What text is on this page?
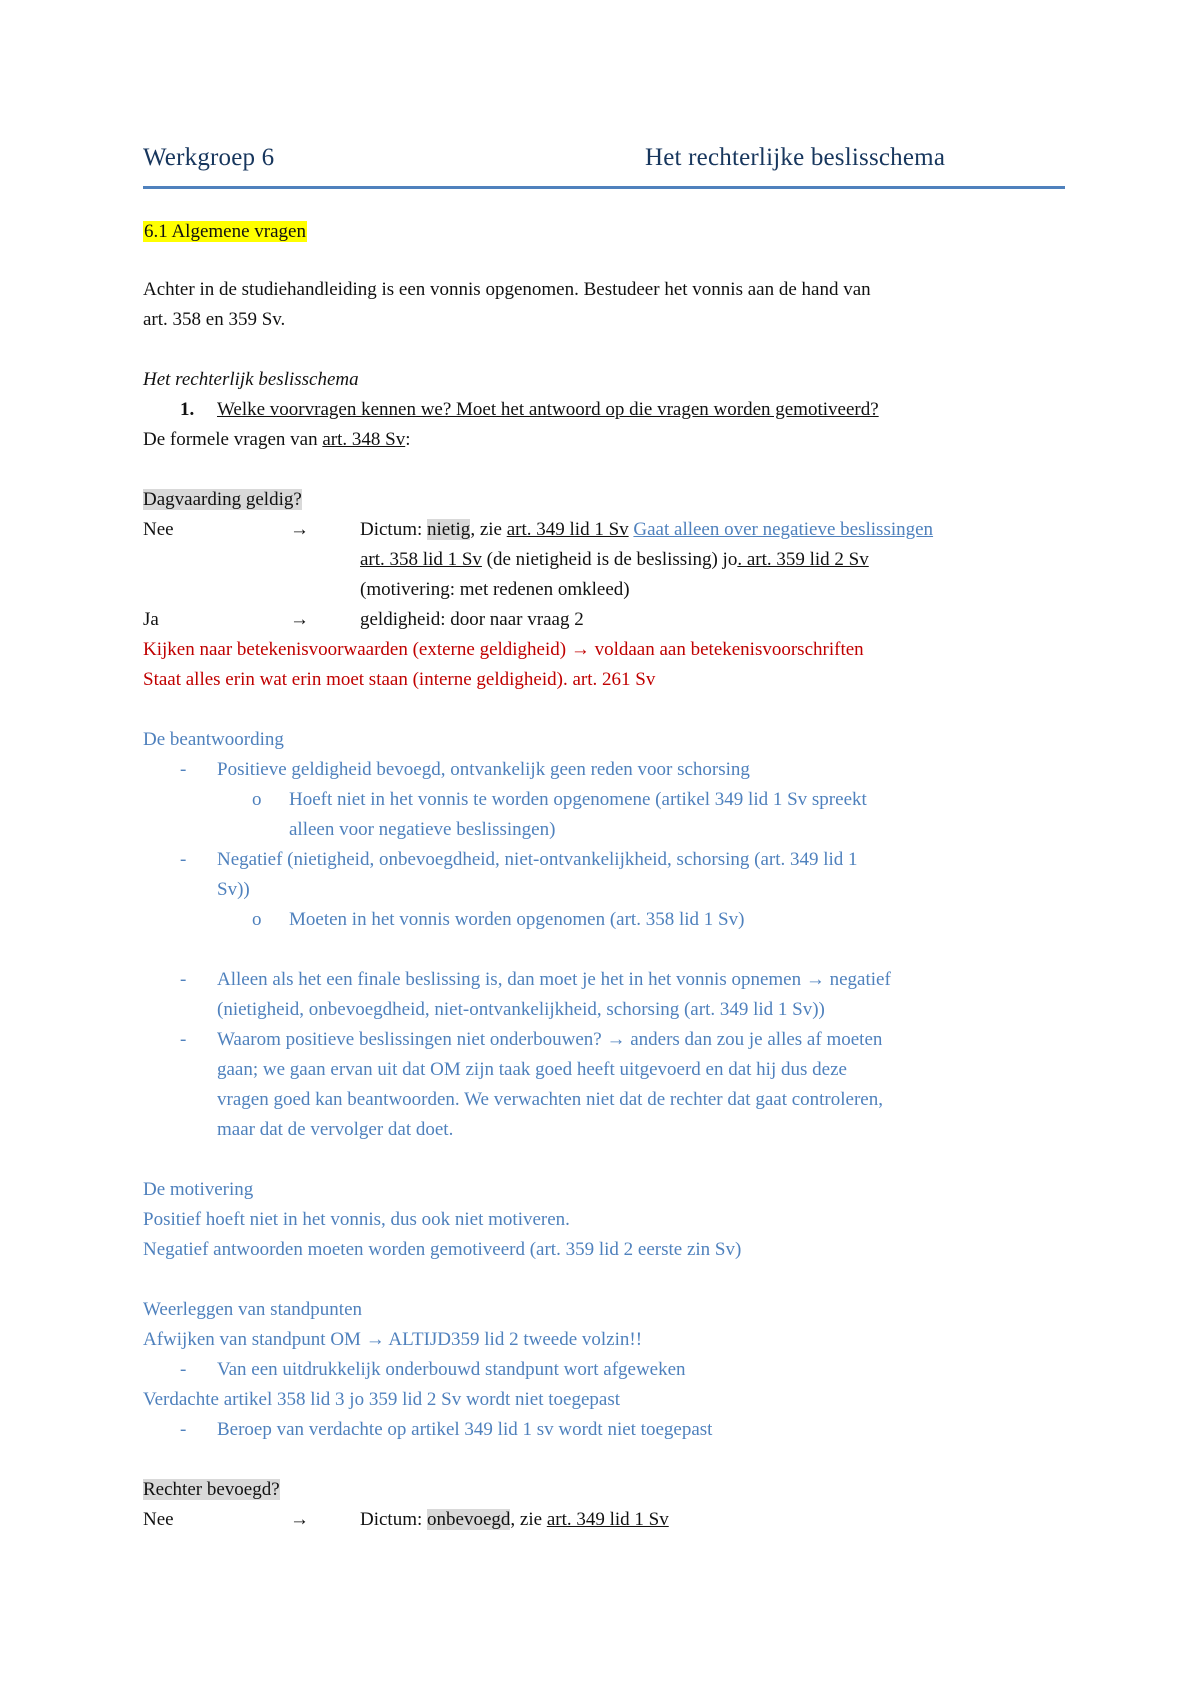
Werkgroep 6	Het rechterlijke beslisschema
6.1 Algemene vragen
Achter in de studiehandleiding is een vonnis opgenomen. Bestudeer het vonnis aan de hand van
art. 358 en 359 Sv.
Het rechterlijk beslisschema
1. Welke voorvragen kennen we? Moet het antwoord op die vragen worden gemotiveerd?
De formele vragen van art. 348 Sv:
Dagvaarding geldig?
Nee	→	Dictum: nietig, zie art. 349 lid 1 Sv Gaat alleen over negatieve beslissingen
art. 358 lid 1 Sv (de nietigheid is de beslissing) jo. art. 359 lid 2 Sv
(motivering: met redenen omkleed)
Ja	→	geldigheid: door naar vraag 2
Kijken naar betekenisvoorwaarden (externe geldigheid) → voldaan aan betekenisvoorschriften
Staat alles erin wat erin moet staan (interne geldigheid). art. 261 Sv
De beantwoording
- Positieve geldigheid bevoegd, ontvankelijk geen reden voor schorsing
o Hoeft niet in het vonnis te worden opgenomene (artikel 349 lid 1 Sv spreekt
alleen voor negatieve beslissingen)
- Negatief (nietigheid, onbevoegdheid, niet-ontvankelijkheid, schorsing (art. 349 lid 1
Sv))
o Moeten in het vonnis worden opgenomen (art. 358 lid 1 Sv)
- Alleen als het een finale beslissing is, dan moet je het in het vonnis opnemen → negatief
(nietigheid, onbevoegdheid, niet-ontvankelijkheid, schorsing (art. 349 lid 1 Sv))
- Waarom positieve beslissingen niet onderbouwen? → anders dan zou je alles af moeten
gaan; we gaan ervan uit dat OM zijn taak goed heeft uitgevoerd en dat hij dus deze
vragen goed kan beantwoorden. We verwachten niet dat de rechter dat gaat controleren,
maar dat de vervolger dat doet.
De motivering
Positief hoeft niet in het vonnis, dus ook niet motiveren.
Negatief antwoorden moeten worden gemotiveerd (art. 359 lid 2 eerste zin Sv)
Weerleggen van standpunten
Afwijken van standpunt OM → ALTIJD359 lid 2 tweede volzin!!
- Van een uitdrukkelijk onderbouwd standpunt wort afgeweken
Verdachte artikel 358 lid 3 jo 359 lid 2 Sv wordt niet toegepast
- Beroep van verdachte op artikel 349 lid 1 sv wordt niet toegepast
Rechter bevoegd?
Nee	→	Dictum: onbevoegd, zie art. 349 lid 1 Sv
